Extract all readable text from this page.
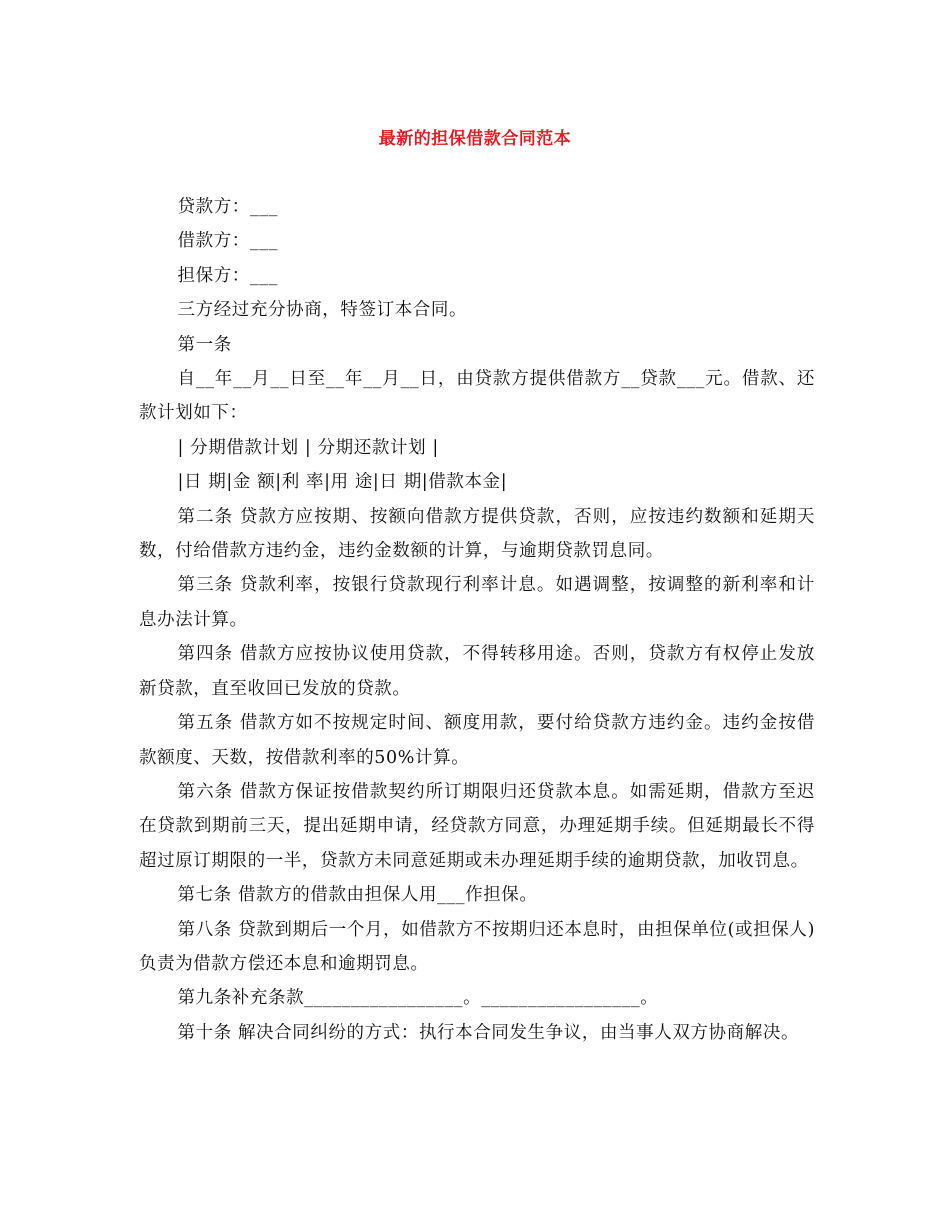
最新的担保借款合同范本

贷款方：___

借款方：___

担保方：___

三方经过充分协商，特签订本合同。

第一条

自__年__月__日至__年__月__日，由贷款方提供借款方__贷款___元。借款、还款计划如下：

| 分期借款计划 | 分期还款计划 |

|日 期|金 额|利 率|用 途|日 期|借款本金|

第二条 贷款方应按期、按额向借款方提供贷款，否则，应按违约数额和延期天数，付给借款方违约金，违约金数额的计算，与逾期贷款罚息同。

第三条 贷款利率，按银行贷款现行利率计息。如遇调整，按调整的新利率和计息办法计算。

第四条 借款方应按协议使用贷款，不得转移用途。否则，贷款方有权停止发放新贷款，直至收回已发放的贷款。

第五条 借款方如不按规定时间、额度用款，要付给贷款方违约金。违约金按借款额度、天数，按借款利率的50%计算。

第六条 借款方保证按借款契约所订期限归还贷款本息。如需延期，借款方至迟在贷款到期前三天，提出延期申请，经贷款方同意，办理延期手续。但延期最长不得超过原订期限的一半，贷款方未同意延期或未办理延期手续的逾期贷款，加收罚息。

第七条 借款方的借款由担保人用___作担保。

第八条 贷款到期后一个月，如借款方不按期归还本息时，由担保单位(或担保人)负责为借款方偿还本息和逾期罚息。

第九条补充条款_________________。_________________。

第十条 解决合同纠纷的方式：执行本合同发生争议，由当事人双方协商解决。
